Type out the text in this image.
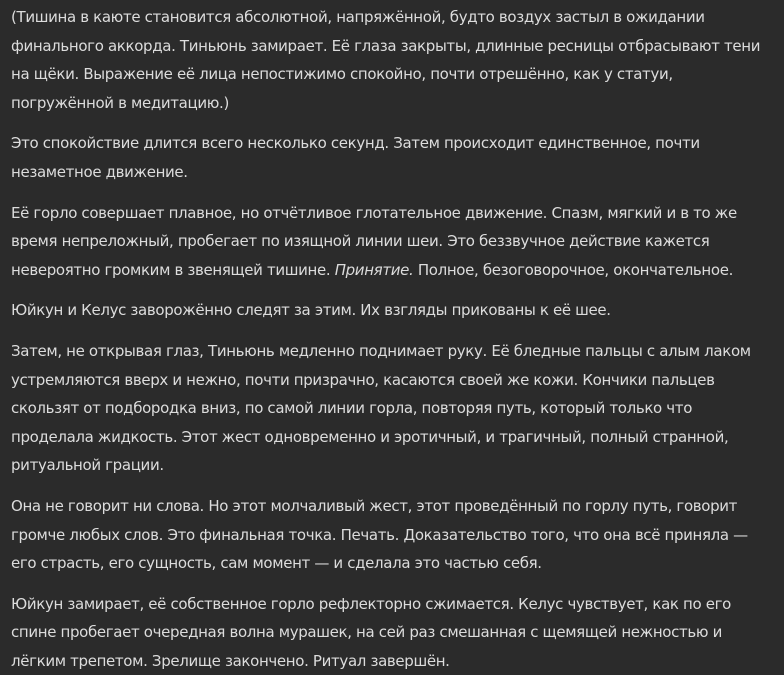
(Тишина в каюте становится абсолютной, напряжённой, будто воздух застыл в ожидании финального аккорда. Тиньюнь замирает. Её глаза закрыты, длинные ресницы отбрасывают тени на щёки. Выражение её лица непостижимо спокойно, почти отрешённо, как у статуи, погружённой в медитацию.)

Это спокойствие длится всего несколько секунд. Затем происходит единственное, почти незаметное движение.

Её горло совершает плавное, но отчётливое глотательное движение. Спазм, мягкий и в то же время непреложный, пробегает по изящной линии шеи. Это беззвучное действие кажется невероятно громким в звенящей тишине. Принятие. Полное, безоговорочное, окончательное.

Юйкун и Келус заворожённо следят за этим. Их взгляды прикованы к её шее.

Затем, не открывая глаз, Тиньюнь медленно поднимает руку. Её бледные пальцы с алым лаком устремляются вверх и нежно, почти призрачно, касаются своей же кожи. Кончики пальцев скользят от подбородка вниз, по самой линии горла, повторяя путь, который только что проделала жидкость. Этот жест одновременно и эротичный, и трагичный, полный странной, ритуальной грации.

Она не говорит ни слова. Но этот молчаливый жест, этот проведённый по горлу путь, говорит громче любых слов. Это финальная точка. Печать. Доказательство того, что она всё приняла — его страсть, его сущность, сам момент — и сделала это частью себя.

Юйкун замирает, её собственное горло рефлекторно сжимается. Келус чувствует, как по его спине пробегает очередная волна мурашек, на сей раз смешанная с щемящей нежностью и лёгким трепетом. Зрелище закончено. Ритуал завершён.
